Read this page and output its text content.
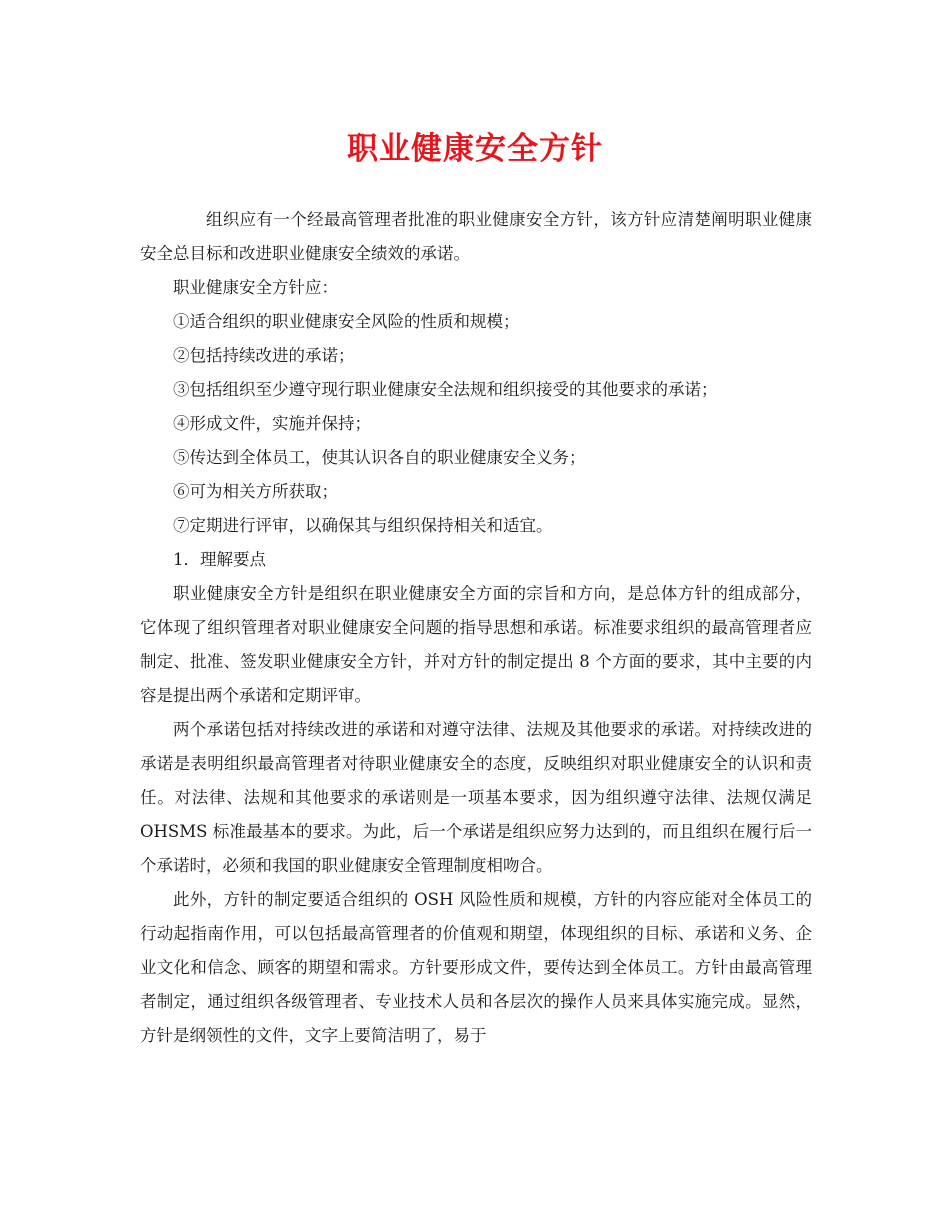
职业健康安全方针

组织应有一个经最高管理者批准的职业健康安全方针，该方针应清楚阐明职业健康安全总目标和改进职业健康安全绩效的承诺。

职业健康安全方针应：

①适合组织的职业健康安全风险的性质和规模；

②包括持续改进的承诺；

③包括组织至少遵守现行职业健康安全法规和组织接受的其他要求的承诺；

④形成文件，实施并保持；

⑤传达到全体员工，使其认识各自的职业健康安全义务；

⑥可为相关方所获取；

⑦定期进行评审，以确保其与组织保持相关和适宜。

1．理解要点

职业健康安全方针是组织在职业健康安全方面的宗旨和方向，是总体方针的组成部分，它体现了组织管理者对职业健康安全问题的指导思想和承诺。标准要求组织的最高管理者应制定、批准、签发职业健康安全方针，并对方针的制定提出 8 个方面的要求，其中主要的内容是提出两个承诺和定期评审。

两个承诺包括对持续改进的承诺和对遵守法律、法规及其他要求的承诺。对持续改进的承诺是表明组织最高管理者对待职业健康安全的态度，反映组织对职业健康安全的认识和责任。对法律、法规和其他要求的承诺则是一项基本要求，因为组织遵守法律、法规仅满足 OHSMS 标准最基本的要求。为此，后一个承诺是组织应努力达到的，而且组织在履行后一个承诺时，必须和我国的职业健康安全管理制度相吻合。

此外，方针的制定要适合组织的 OSH 风险性质和规模，方针的内容应能对全体员工的行动起指南作用，可以包括最高管理者的价值观和期望，体现组织的目标、承诺和义务、企业文化和信念、顾客的期望和需求。方针要形成文件，要传达到全体员工。方针由最高管理者制定，通过组织各级管理者、专业技术人员和各层次的操作人员来具体实施完成。显然，方针是纲领性的文件，文字上要简洁明了，易于
